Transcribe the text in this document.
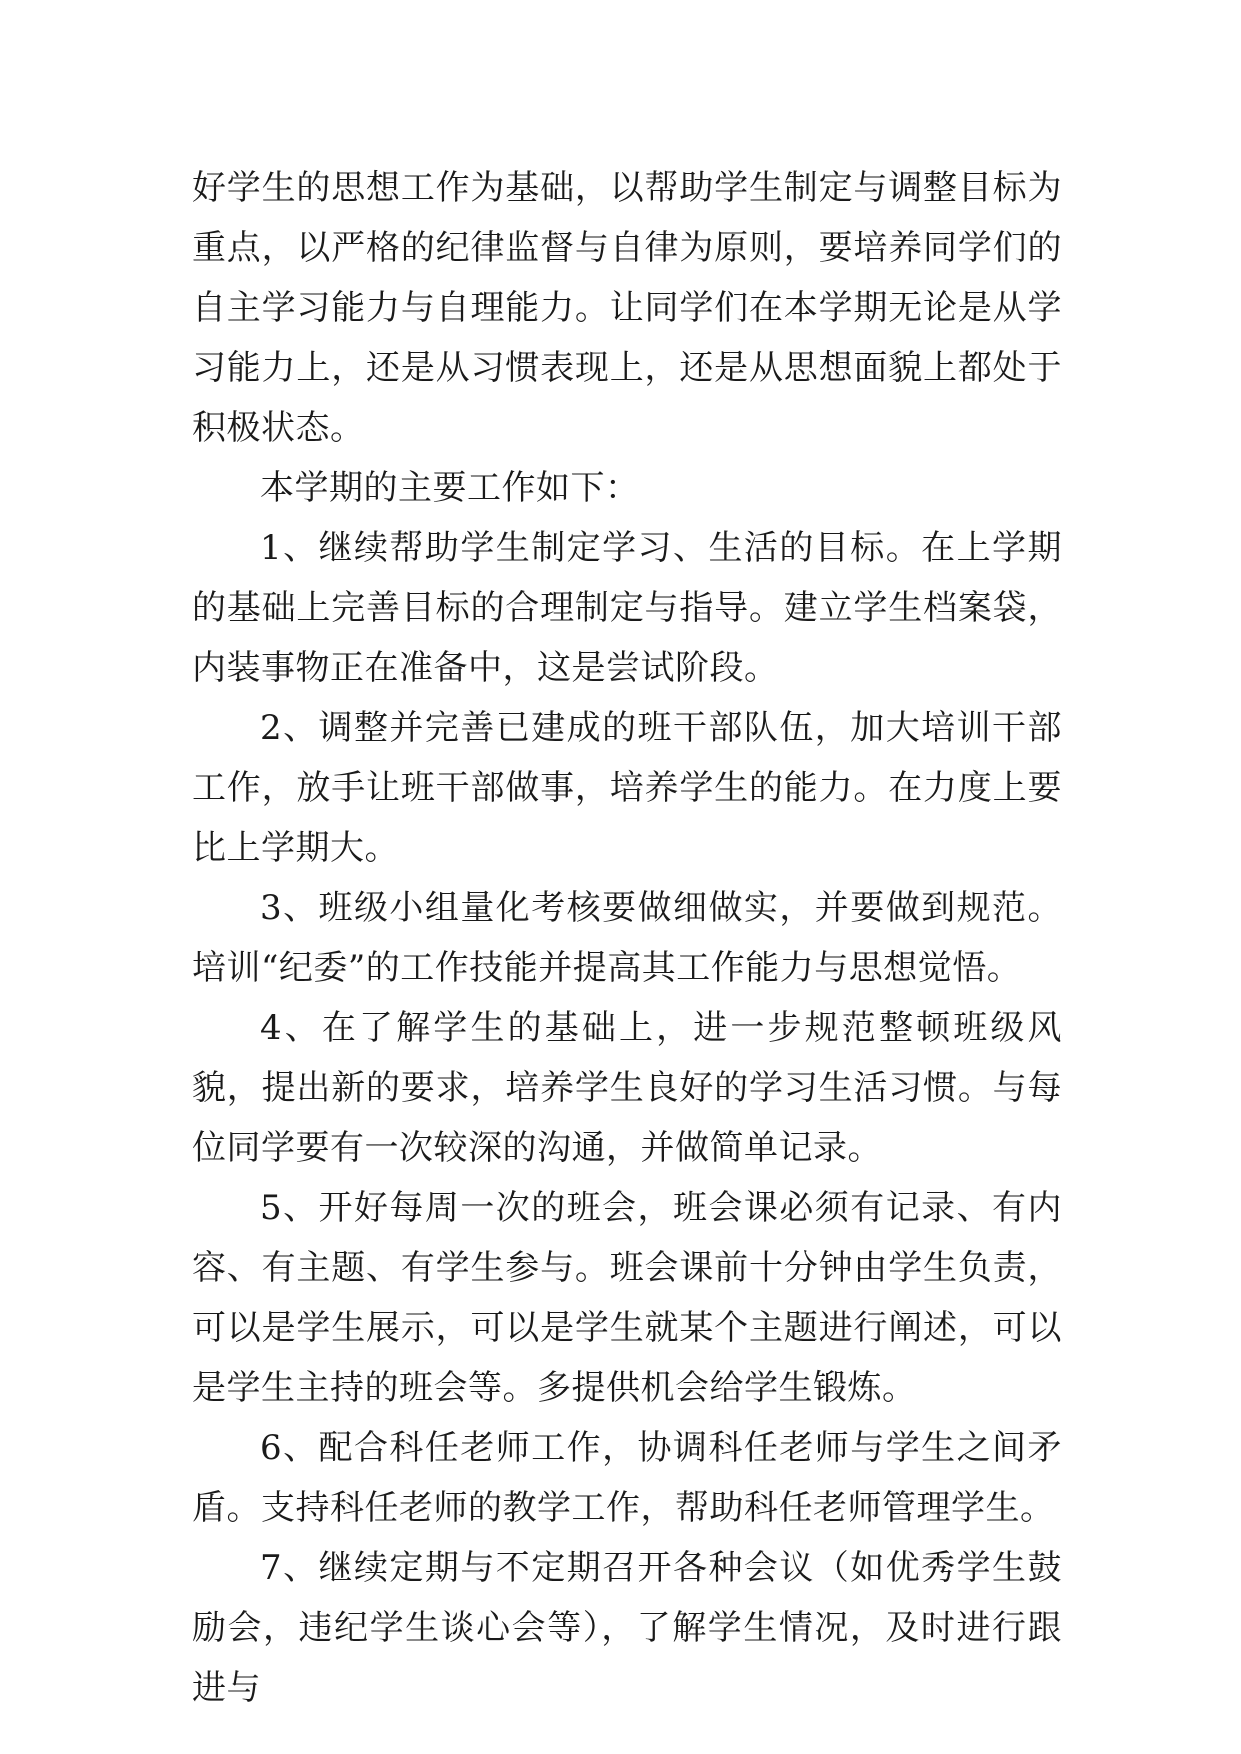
好学生的思想工作为基础，以帮助学生制定与调整目标为重点，以严格的纪律监督与自律为原则，要培养同学们的自主学习能力与自理能力。让同学们在本学期无论是从学习能力上，还是从习惯表现上，还是从思想面貌上都处于积极状态。

本学期的主要工作如下：

1、继续帮助学生制定学习、生活的目标。在上学期的基础上完善目标的合理制定与指导。建立学生档案袋，内装事物正在准备中，这是尝试阶段。

2、调整并完善已建成的班干部队伍，加大培训干部工作，放手让班干部做事，培养学生的能力。在力度上要比上学期大。

3、班级小组量化考核要做细做实，并要做到规范。培训“纪委”的工作技能并提高其工作能力与思想觉悟。

4、在了解学生的基础上，进一步规范整顿班级风貌，提出新的要求，培养学生良好的学习生活习惯。与每位同学要有一次较深的沟通，并做简单记录。

5、开好每周一次的班会，班会课必须有记录、有内容、有主题、有学生参与。班会课前十分钟由学生负责，可以是学生展示，可以是学生就某个主题进行阐述，可以是学生主持的班会等。多提供机会给学生锻炼。

6、配合科任老师工作，协调科任老师与学生之间矛盾。支持科任老师的教学工作，帮助科任老师管理学生。

7、继续定期与不定期召开各种会议（如优秀学生鼓励会，违纪学生谈心会等），了解学生情况，及时进行跟进与
